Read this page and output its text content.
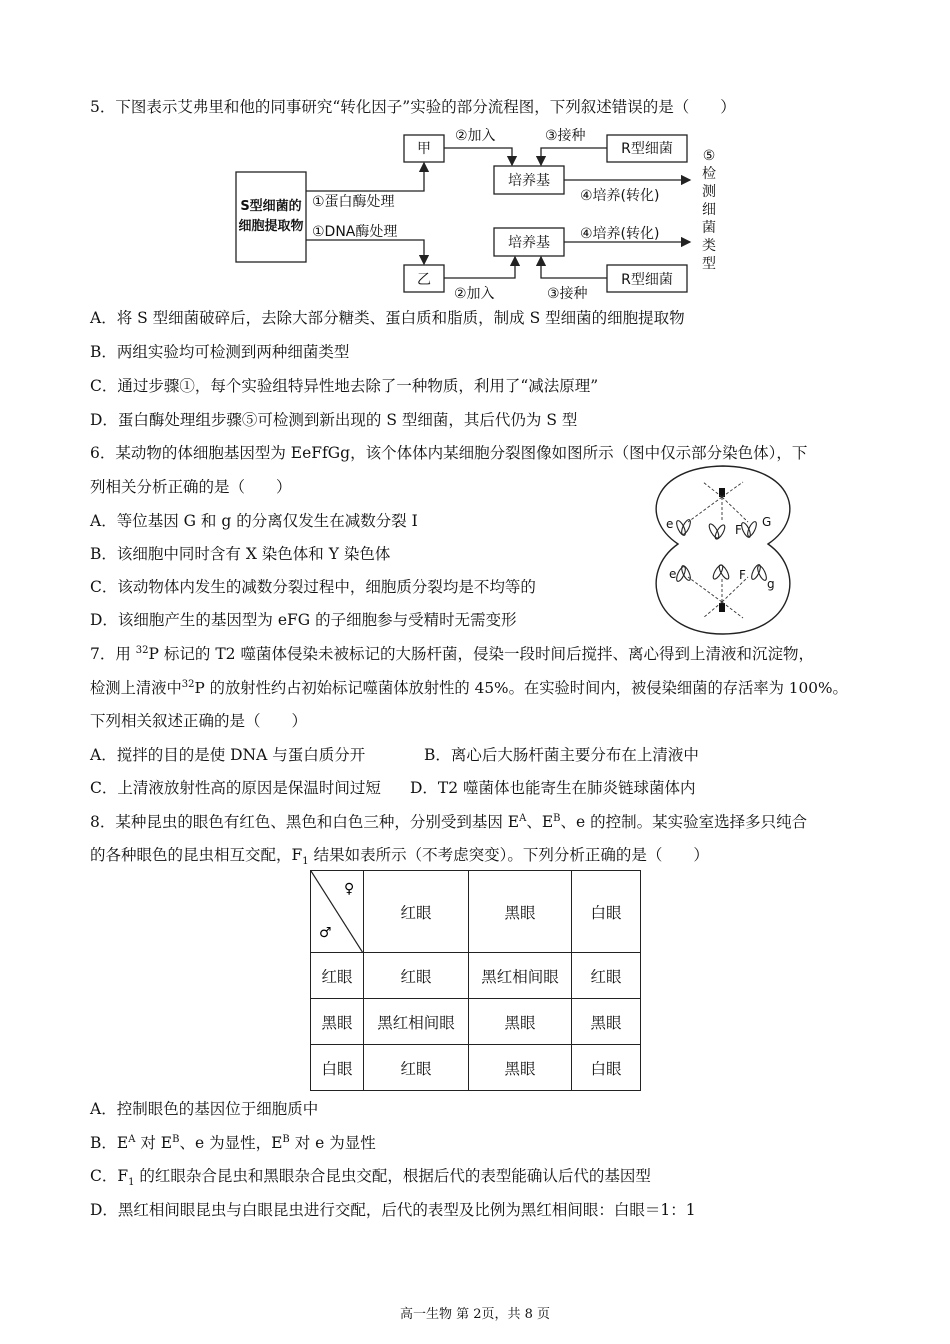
5．下图表示艾弗里和他的同事研究“转化因子”实验的部分流程图，下列叙述错误的是（　　）
S型细菌的
细胞提取物
甲
乙
①蛋白酶处理
①DNA酶处理
②加入
②加入
③接种
③接种
培养基
培养基
R型细菌
R型细菌
④培养(转化)
④培养(转化)
⑤
检
测
细
菌
类
型
A．将 S 型细菌破碎后，去除大部分糖类、蛋白质和脂质，制成 S 型细菌的细胞提取物
B．两组实验均可检测到两种细菌类型
C．通过步骤①，每个实验组特异性地去除了一种物质，利用了“减法原理”
D．蛋白酶处理组步骤⑤可检测到新出现的 S 型细菌，其后代仍为 S 型
6．某动物的体细胞基因型为 EeFfGg，该个体体内某细胞分裂图像如图所示（图中仅示部分染色体），下
列相关分析正确的是（　　）
A．等位基因 G 和 g 的分离仅发生在减数分裂 I
B．该细胞中同时含有 X 染色体和 Y 染色体
C．该动物体内发生的减数分裂过程中，细胞质分裂均是不均等的
D．该细胞产生的基因型为 eFG 的子细胞参与受精时无需变形
e	F
G
e	F
g
7．用 $^{32}$P 标记的 T2 噬菌体侵染未被标记的大肠杆菌，侵染一段时间后搅拌、离心得到上清液和沉淀物，
检测上清液中$^{32}$P 的放射性约占初始标记噬菌体放射性的 45%。在实验时间内，被侵染细菌的存活率为 100%。
下列相关叙述正确的是（　　）
A．搅拌的目的是使 DNA 与蛋白质分开	B．离心后大肠杆菌主要分布在上清液中
C．上清液放射性高的原因是保温时间过短 D．T2 噬菌体也能寄生在肺炎链球菌体内
8．某种昆虫的眼色有红色、黑色和白色三种，分别受到基因 $E^A$、$E^B$、e 的控制。某实验室选择多只纯合
的各种眼色的昆虫相互交配，$F_1$ 结果如表所示（不考虑突变）。下列分析正确的是（　　）
♀
♂	红眼	黑眼	白眼
红眼	红眼	黑红相间眼	红眼
黑眼	黑红相间眼	黑眼	黑眼
白眼	红眼	黑眼	白眼
A．控制眼色的基因位于细胞质中
B．$E^A$ 对 $E^B$、e 为显性，$E^B$ 对 e 为显性
C．$F_1$ 的红眼杂合昆虫和黑眼杂合昆虫交配，根据后代的表型能确认后代的基因型
D．黑红相间眼昆虫与白眼昆虫进行交配，后代的表型及比例为黑红相间眼：白眼＝1：1
高一生物 第 2页，共 8 页
